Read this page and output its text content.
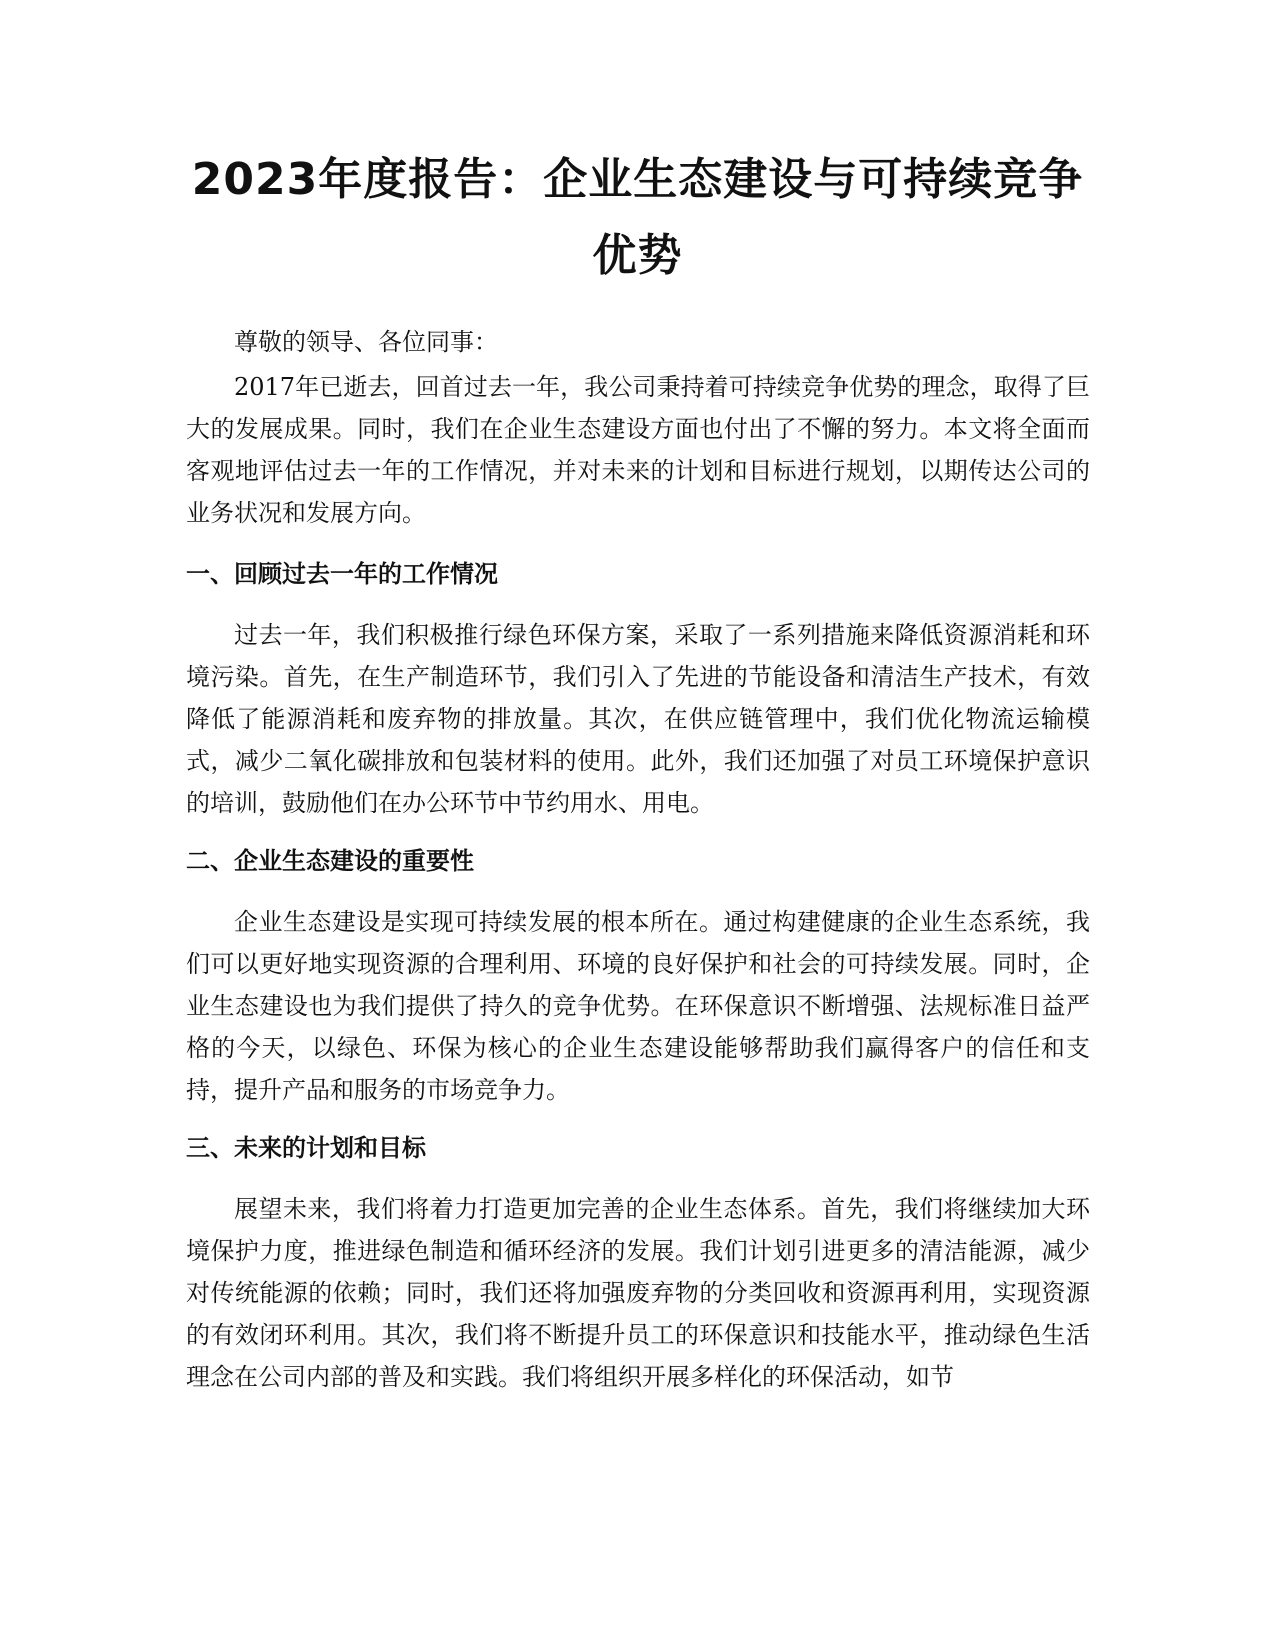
2023年度报告：企业生态建设与可持续竞争
优势

尊敬的领导、各位同事：

2017年已逝去，回首过去一年，我公司秉持着可持续竞争优势的理念，取得了巨大的发展成果。同时，我们在企业生态建设方面也付出了不懈的努力。本文将全面而客观地评估过去一年的工作情况，并对未来的计划和目标进行规划，以期传达公司的业务状况和发展方向。

一、回顾过去一年的工作情况

过去一年，我们积极推行绿色环保方案，采取了一系列措施来降低资源消耗和环境污染。首先，在生产制造环节，我们引入了先进的节能设备和清洁生产技术，有效降低了能源消耗和废弃物的排放量。其次，在供应链管理中，我们优化物流运输模式，减少二氧化碳排放和包装材料的使用。此外，我们还加强了对员工环境保护意识的培训，鼓励他们在办公环节中节约用水、用电。

二、企业生态建设的重要性

企业生态建设是实现可持续发展的根本所在。通过构建健康的企业生态系统，我们可以更好地实现资源的合理利用、环境的良好保护和社会的可持续发展。同时，企业生态建设也为我们提供了持久的竞争优势。在环保意识不断增强、法规标准日益严格的今天，以绿色、环保为核心的企业生态建设能够帮助我们赢得客户的信任和支持，提升产品和服务的市场竞争力。

三、未来的计划和目标

展望未来，我们将着力打造更加完善的企业生态体系。首先，我们将继续加大环境保护力度，推进绿色制造和循环经济的发展。我们计划引进更多的清洁能源，减少对传统能源的依赖；同时，我们还将加强废弃物的分类回收和资源再利用，实现资源的有效闭环利用。其次，我们将不断提升员工的环保意识和技能水平，推动绿色生活理念在公司内部的普及和实践。我们将组织开展多样化的环保活动，如节
